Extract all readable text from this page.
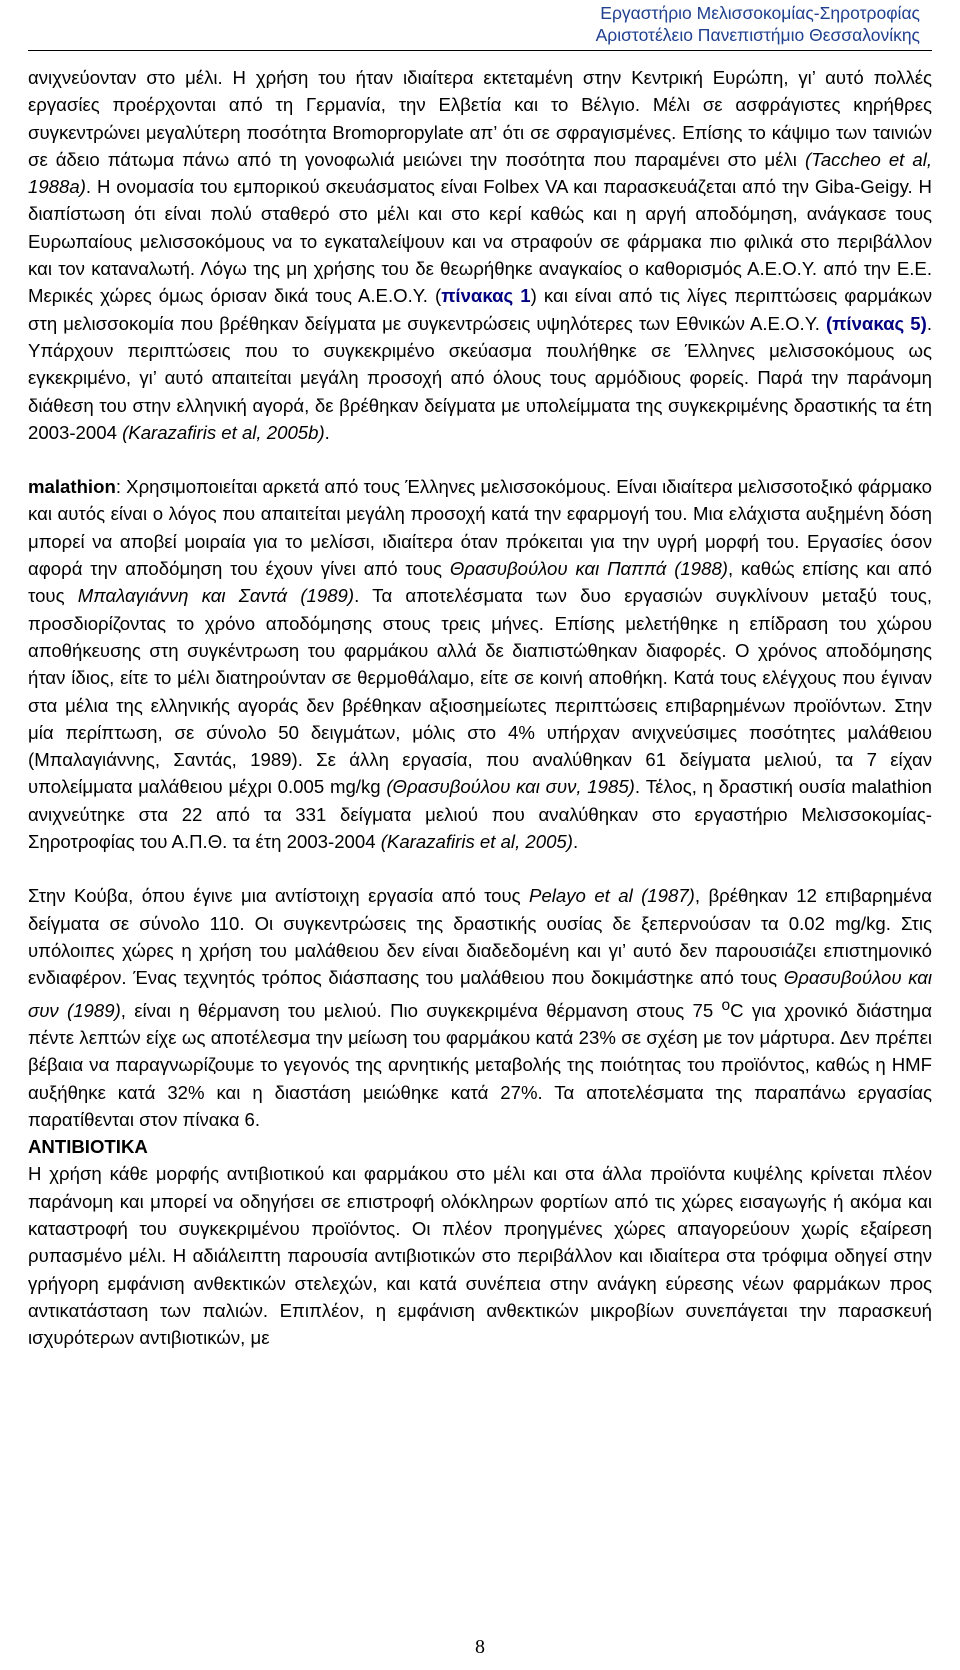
Εργαστήριο Μελισσοκομίας-Σηροτροφίας
Αριστοτέλειο Πανεπιστήμιο Θεσσαλονίκης

ανιχνεύονταν στο μέλι. Η χρήση του ήταν ιδιαίτερα εκτεταμένη στην Κεντρική Ευρώπη, γι’ αυτό πολλές εργασίες προέρχονται από τη Γερμανία, την Ελβετία και το Βέλγιο. Μέλι σε ασφράγιστες κηρήθρες συγκεντρώνει μεγαλύτερη ποσότητα Bromopropylate απ’ ότι σε σφραγισμένες. Επίσης το κάψιμο των ταινιών σε άδειο πάτωμα πάνω από τη γονοφωλιά μειώνει την ποσότητα που παραμένει στο μέλι (Taccheo et al, 1988a). Η ονομασία του εμπορικού σκευάσματος είναι Folbex VA και παρασκευάζεται από την Giba-Geigy. Η διαπίστωση ότι είναι πολύ σταθερό στο μέλι και στο κερί καθώς και η αργή αποδόμηση, ανάγκασε τους Ευρωπαίους μελισσοκόμους να το εγκαταλείψουν και να στραφούν σε φάρμακα πιο φιλικά στο περιβάλλον και τον καταναλωτή. Λόγω της μη χρήσης του δε θεωρήθηκε αναγκαίος ο καθορισμός Α.Ε.Ο.Υ. από την Ε.Ε. Μερικές χώρες όμως όρισαν δικά τους Α.Ε.Ο.Υ. (πίνακας 1) και είναι από τις λίγες περιπτώσεις φαρμάκων στη μελισσοκομία που βρέθηκαν δείγματα με συγκεντρώσεις υψηλότερες των Εθνικών Α.Ε.Ο.Υ. (πίνακας 5). Υπάρχουν περιπτώσεις που το συγκεκριμένο σκεύασμα πουλήθηκε σε Έλληνες μελισσοκόμους ως εγκεκριμένο, γι’ αυτό απαιτείται μεγάλη προσοχή από όλους τους αρμόδιους φορείς. Παρά την παράνομη διάθεση του στην ελληνική αγορά, δε βρέθηκαν δείγματα με υπολείμματα της συγκεκριμένης δραστικής τα έτη 2003-2004 (Karazafiris et al, 2005b).

malathion: Χρησιμοποιείται αρκετά από τους Έλληνες μελισσοκόμους. Είναι ιδιαίτερα μελισσοτοξικό φάρμακο και αυτός είναι ο λόγος που απαιτείται μεγάλη προσοχή κατά την εφαρμογή του. Μια ελάχιστα αυξημένη δόση μπορεί να αποβεί μοιραία για το μελίσσι, ιδιαίτερα όταν πρόκειται για την υγρή μορφή του. Εργασίες όσον αφορά την αποδόμηση του έχουν γίνει από τους Θρασυβούλου και Παππά (1988), καθώς επίσης και από τους Μπαλαγιάννη και Σαντά (1989). Τα αποτελέσματα των δυο εργασιών συγκλίνουν μεταξύ τους, προσδιορίζοντας το χρόνο αποδόμησης στους τρεις μήνες. Επίσης μελετήθηκε η επίδραση του χώρου αποθήκευσης στη συγκέντρωση του φαρμάκου αλλά δε διαπιστώθηκαν διαφορές. Ο χρόνος αποδόμησης ήταν ίδιος, είτε το μέλι διατηρούνταν σε θερμοθάλαμο, είτε σε κοινή αποθήκη. Κατά τους ελέγχους που έγιναν στα μέλια της ελληνικής αγοράς δεν βρέθηκαν αξιοσημείωτες περιπτώσεις επιβαρημένων προϊόντων. Στην μία περίπτωση, σε σύνολο 50 δειγμάτων, μόλις στο 4% υπήρχαν ανιχνεύσιμες ποσότητες μαλάθειου (Μπαλαγιάννης, Σαντάς, 1989). Σε άλλη εργασία, που αναλύθηκαν 61 δείγματα μελιού, τα 7 είχαν υπολείμματα μαλάθειου μέχρι 0.005 mg/kg (Θρασυβούλου και συν, 1985). Τέλος, η δραστική ουσία malathion ανιχνεύτηκε στα 22 από τα 331 δείγματα μελιού που αναλύθηκαν στο εργαστήριο Μελισσοκομίας-Σηροτροφίας του Α.Π.Θ. τα έτη 2003-2004 (Karazafiris et al, 2005).

Στην Κούβα, όπου έγινε μια αντίστοιχη εργασία από τους Pelayo et al (1987), βρέθηκαν 12 επιβαρημένα δείγματα σε σύνολο 110. Οι συγκεντρώσεις της δραστικής ουσίας δε ξεπερνούσαν τα 0.02 mg/kg. Στις υπόλοιπες χώρες η χρήση του μαλάθειου δεν είναι διαδεδομένη και γι’ αυτό δεν παρουσιάζει επιστημονικό ενδιαφέρον. Ένας τεχνητός τρόπος διάσπασης του μαλάθειου που δοκιμάστηκε από τους Θρασυβούλου και συν (1989), είναι η θέρμανση του μελιού. Πιο συγκεκριμένα θέρμανση στους 75 $^o$C για χρονικό διάστημα πέντε λεπτών είχε ως αποτέλεσμα την μείωση του φαρμάκου κατά 23% σε σχέση με τον μάρτυρα. Δεν πρέπει βέβαια να παραγνωρίζουμε το γεγονός της αρνητικής μεταβολής της ποιότητας του προϊόντος, καθώς η HMF αυξήθηκε κατά 32% και η διαστάση μειώθηκε κατά 27%. Τα αποτελέσματα της παραπάνω εργασίας παρατίθενται στον πίνακα 6.

ΑΝΤΙΒΙΟΤΙΚΑ

Η χρήση κάθε μορφής αντιβιοτικού και φαρμάκου στο μέλι και στα άλλα προϊόντα κυψέλης κρίνεται πλέον παράνομη και μπορεί να οδηγήσει σε επιστροφή ολόκληρων φορτίων από τις χώρες εισαγωγής ή ακόμα και καταστροφή του συγκεκριμένου προϊόντος. Οι πλέον προηγμένες χώρες απαγορεύουν χωρίς εξαίρεση ρυπασμένο μέλι. Η αδιάλειπτη παρουσία αντιβιοτικών στο περιβάλλον και ιδιαίτερα στα τρόφιμα οδηγεί στην γρήγορη εμφάνιση ανθεκτικών στελεχών, και κατά συνέπεια στην ανάγκη εύρεσης νέων φαρμάκων προς αντικατάσταση των παλιών. Επιπλέον, η εμφάνιση ανθεκτικών μικροβίων συνεπάγεται την παρασκευή ισχυρότερων αντιβιοτικών, με

8
